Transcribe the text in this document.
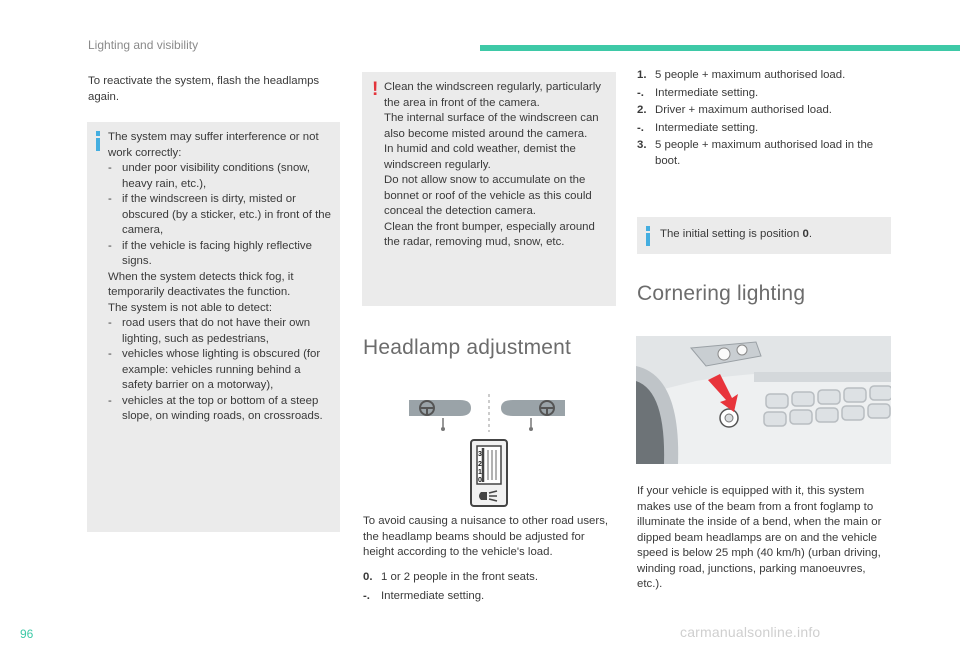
Lighting and visibility
To reactivate the system, flash the headlamps again.
The system may suffer interference or not work correctly:
- under poor visibility conditions (snow, heavy rain, etc.),
- if the windscreen is dirty, misted or obscured (by a sticker, etc.) in front of the camera,
- if the vehicle is facing highly reflective signs.
When the system detects thick fog, it temporarily deactivates the function.
The system is not able to detect:
- road users that do not have their own lighting, such as pedestrians,
- vehicles whose lighting is obscured (for example: vehicles running behind a safety barrier on a motorway),
- vehicles at the top or bottom of a steep slope, on winding roads, on crossroads.
! Clean the windscreen regularly, particularly the area in front of the camera.
The internal surface of the windscreen can also become misted around the camera.
In humid and cold weather, demist the windscreen regularly.
Do not allow snow to accumulate on the bonnet or roof of the vehicle as this could conceal the detection camera.
Clean the front bumper, especially around the radar, removing mud, snow, etc.
Headlamp adjustment
3
2
1
0
To avoid causing a nuisance to other road users, the headlamp beams should be adjusted for height according to the vehicle's load.
0. 1 or 2 people in the front seats.
-. Intermediate setting.
1. 5 people + maximum authorised load.
-. Intermediate setting.
2. Driver + maximum authorised load.
-. Intermediate setting.
3. 5 people + maximum authorised load in the boot.
The initial setting is position 0.
Cornering lighting
If your vehicle is equipped with it, this system makes use of the beam from a front foglamp to illuminate the inside of a bend, when the main or dipped beam headlamps are on and the vehicle speed is below 25 mph (40 km/h) (urban driving, winding road, junctions, parking manoeuvres, etc.).
96	carmanualsonline.info
